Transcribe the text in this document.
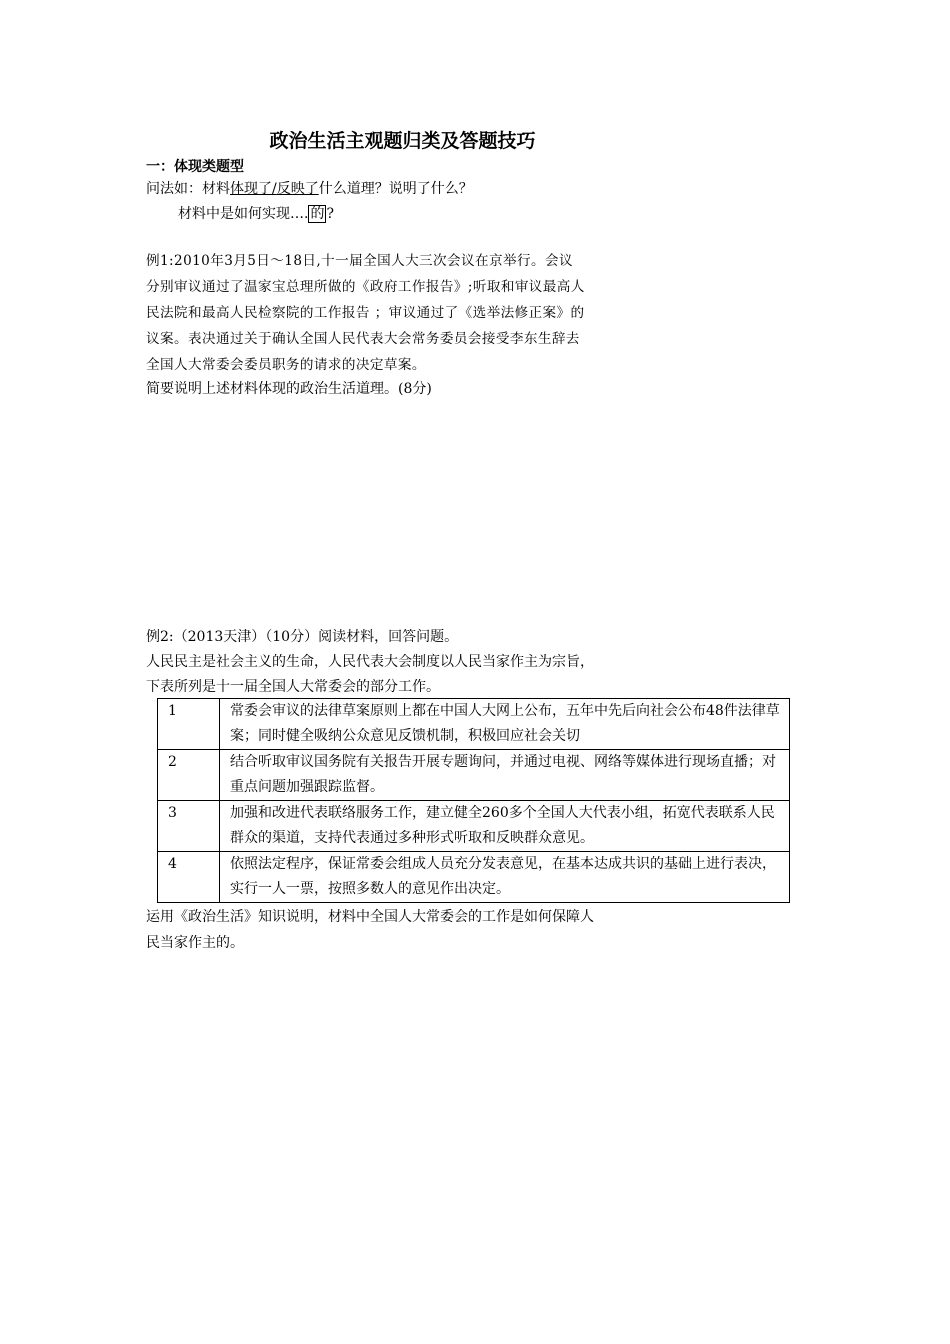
政治生活主观题归类及答题技巧
一：体现类题型
问法如：材料体现了/反映了什么道理？说明了什么？
材料中是如何实现…. 的 ?

例1:2010年3月5日～18日,十一届全国人大三次会议在京举行。会议

分别审议通过了温家宝总理所做的《政府工作报告》;听取和审议最高人

民法院和最高人民检察院的工作报告 ；审议通过了《选举法修正案》的

议案。表决通过关于确认全国人民代表大会常务委员会接受李东生辞去

全国人大常委会委员职务的请求的决定草案。

简要说明上述材料体现的政治生活道理。(8分)
例2:（2013天津）（10分）阅读材料，回答问题。
人民民主是社会主义的生命，人民代表大会制度以人民当家作主为宗旨，
下表所列是十一届全国人大常委会的部分工作。
1	常委会审议的法律草案原则上都在中国人大网上公布，五年中先后向社会公布48件法律草案；同时健全吸纳公众意见反馈机制，积极回应社会关切
2	结合听取审议国务院有关报告开展专题询问，并通过电视、网络等媒体进行现场直播；对重点问题加强跟踪监督。
3	加强和改进代表联络服务工作，建立健全260多个全国人大代表小组，拓宽代表联系人民群众的渠道，支持代表通过多种形式听取和反映群众意见。
4	依照法定程序，保证常委会组成人员充分发表意见，在基本达成共识的基础上进行表决，实行一人一票，按照多数人的意见作出决定。
运用《政治生活》知识说明，材料中全国人大常委会的工作是如何保障人
民当家作主的。
